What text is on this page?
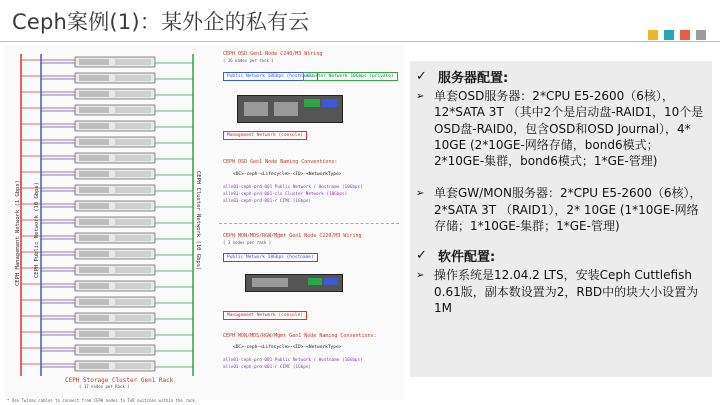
Ceph案例(1)：某外企的私有云
CEPH Management Network (1 Gbps) CEPH Public Network (10 Gbps)	CEPH Cluster Network (10 Gbps)
CEPH OSD Gen1 Node C240/M3 Wiring
( 16 nodes per rack )
Public Network 10Gbps (hostname)
Cluster Network 10Gbps (private)
Management Network (console)
CEPH OSD Gen1 Node Naming Conventions:
<DC>-ceph-<Lifecycle>-<ID>-<NetworkType>
alln01-ceph-prd-001 Public Network / Hostname (10Gbps)
alln01-ceph-prd-001-clu Cluster Network (10Gbps)
alln01-ceph-prd-001-r CIMC (1Gbps)
CEPH MON/MDS/RGW/Mgmt Gen1 Node C220/M3 Wiring
( 3 nodes per rack )
Public Network 10Gbps (hostname)
Management Network (console)
CEPH MON/MDS/RGW/Mgmt Gen1 Node Naming Conventions:
<DC>-ceph-<Lifecycle>-<ID>-<NetworkType>
alln01-ceph-prd-001 Public Network / Hostname (10Gbps)
alln01-ceph-prd-001-r CIMC (1Gbps)
CEPH Storage Cluster Gen1 Rack
( 17 nodes per Rack )
* Use Twinax cables to connect from CEPH nodes to ToR switches within the rack.
✓ 服务器配置:
➢ 单套OSD服务器：2*CPU E5-2600（6核），12*SATA 3T （其中2个是启动盘-RAID1，10个是OSD盘-RAID0，包含OSD和OSD Journal），4* 10GE (2*10GE-网络存储，bond6模式；2*10GE-集群，bond6模式；1*GE-管理)
➢ 单套GW/MON服务器：2*CPU E5-2600（6核），2*SATA 3T （RAID1），2* 10GE (1*10GE-网络存储；1*10GE-集群；1*GE-管理)
✓ 软件配置:
➢ 操作系统是12.04.2 LTS，安装Ceph Cuttlefish 0.61版，副本数设置为2，RBD中的块大小设置为1M
